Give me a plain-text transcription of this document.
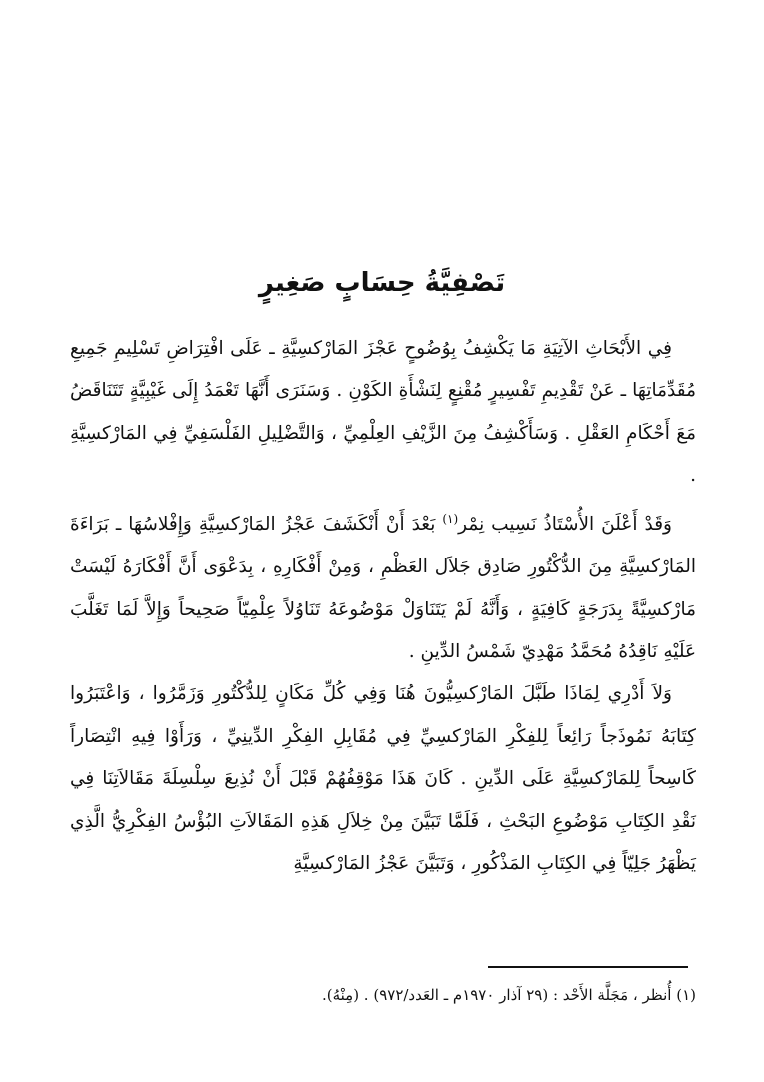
تَصْفِيَّةُ حِسَابٍ صَغِيرٍ

فِي الأَبْحَاثِ الآتِيَةِ مَا يَكْشِفُ بِوُضُوحٍ عَجْزَ المَارْكسِيَّةِ ـ عَلَى افْتِرَاضِ تَسْلِيمِ جَمِيعِ مُقَدِّمَاتِهَا ـ عَنْ تَقْدِيمِ تَفْسِيرٍ مُقْنِعٍ لِنَشْأَةِ الكَوْنِ . وَسَنَرَى أَنَّهَا تَعْمَدُ إِلَى غَيْبِيَّةٍ تَتَنَاقَضُ مَعَ أَحْكَامِ العَقْلِ . وَسَأَكْشِفُ مِنَ الزَّيْفِ العِلْمِيِّ ، وَالتَّضْلِيلِ الفَلْسَفِيِّ فِي المَارْكسِيَّةِ .

وَقَدْ أَعْلَنَ الأُسْتَاذُ نَسِيب نِمْر$^{(١)}$ بَعْدَ أَنْ أَنْكَشَفَ عَجْزُ المَارْكسِيَّةِ وَإِفْلاسُهَا ـ بَرَاءَةَ المَارْكسِيَّةِ مِنَ الدُّكْتُورِ صَادِق جَلاَل العَظْمِ ، وَمِنْ أَفْكَارِهِ ، بِدَعْوَى أَنَّ أَفْكَارَهُ لَيْسَتْ مَارْكسِيَّةً بِدَرَجَةٍ كَافِيَةٍ ، وَأَنَّهُ لَمْ يَتَنَاوَلْ مَوْضُوعَهُ تَنَاوُلاً عِلْمِيّاً صَحِيحاً وَإِلاَّ لَمَا تَغَلَّبَ عَلَيْهِ نَاقِدُهُ مُحَمَّدُ مَهْدِيّ شَمْسُ الدِّينِ .

وَلاَ أَدْرِي لِمَاذَا طَبَّلَ المَارْكسِيُّونَ هُنَا وَفِي كُلِّ مَكَانٍ لِلدُّكْتُورِ وَزَمَّرُوا ، وَاعْتَبَرُوا كِتَابَهُ نَمُوذَجاً رَائِعاً لِلفِكْرِ المَارْكسِيِّ فِي مُقَابِلِ الفِكْرِ الدِّينِيِّ ، وَرَأَوْا فِيهِ انْتِصَاراً كَاسِحاً لِلمَارْكسِيَّةِ عَلَى الدِّينِ . كَانَ هَذَا مَوْقِفُهُمْ قَبْلَ أَنْ نُذِيعَ سِلْسِلَةَ مَقَالاَتِنَا فِي نَقْدِ الكِتَابِ مَوْضُوعِ البَحْثِ ، فَلَمَّا تَبَيَّنَ مِنْ خِلاَلِ هَذِهِ المَقَالاَتِ البُؤْسُ الفِكْرِيُّ الَّذِي يَظْهَرُ جَلِيّاً فِي الكِتَابِ المَذْكُورِ ، وَتَبَيَّنَ عَجْزُ المَارْكسِيَّةِ

(١) أُنظر ، مَجَلَّة الأَحْد : (٢٩ آذار ١٩٧٠م ـ العَدد/٩٧٢) . (مِنْهُ).
